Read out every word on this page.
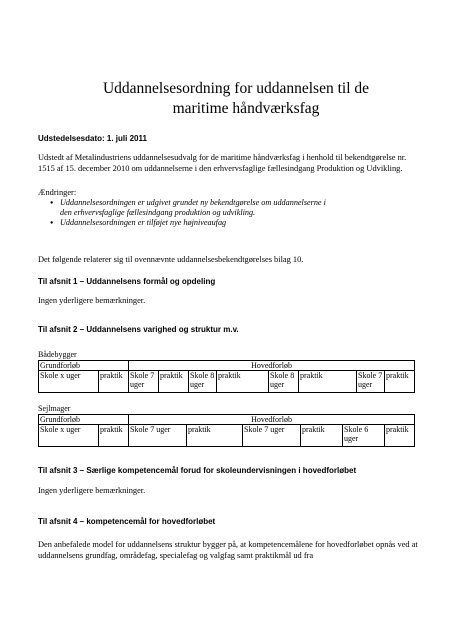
Uddannelsesordning for uddannelsen til de
maritime håndværksfag
Udstedelsesdato: 1. juli 2011
Udstedt af Metalindustriens uddannelsesudvalg for de maritime håndværksfag i henhold til bekendtgørelse nr. 1515 af 15. december 2010 om uddannelserne i den erhvervsfaglige fællesindgang Produktion og Udvikling.
Ændringer:
● Uddannelsesordningen er udgivet grundet ny bekendtgørelse om uddannelserne i den erhvervsfaglige fællesindgang produktion og udvikling.
● Uddannelsesordningen er tilføjet nye højniveaufag
Det følgende relaterer sig til ovennævnte uddannelsesbekendtgørelses bilag 10.
Til afsnit 1 – Uddannelsens formål og opdeling
Ingen yderligere bemærkninger.
Til afsnit 2 – Uddannelsens varighed og struktur m.v.
Bådebygger
Grundforløb		Hovedforløb							
Skole x uger	praktik	Skole 7 uger	praktik	Skole 8 uger	praktik	Skole 8 uger	praktik	Skole 7 uger	praktik
Sejlmager
Grundforløb		Hovedforløb					
Skole x uger	praktik	Skole 7 uger	praktik	Skole 7 uger	praktik	Skole 6 uger	praktik
Til afsnit 3 – Særlige kompetencemål forud for skoleundervisningen i hovedforløbet
Ingen yderligere bemærkninger.
Til afsnit 4 – kompetencemål for hovedforløbet
Den anbefalede model for uddannelsens struktur bygger på, at kompetencemålene for hovedforløbet opnås ved at uddannelsens grundfag, områdefag, specialefag og valgfag samt praktikmål ud fra
